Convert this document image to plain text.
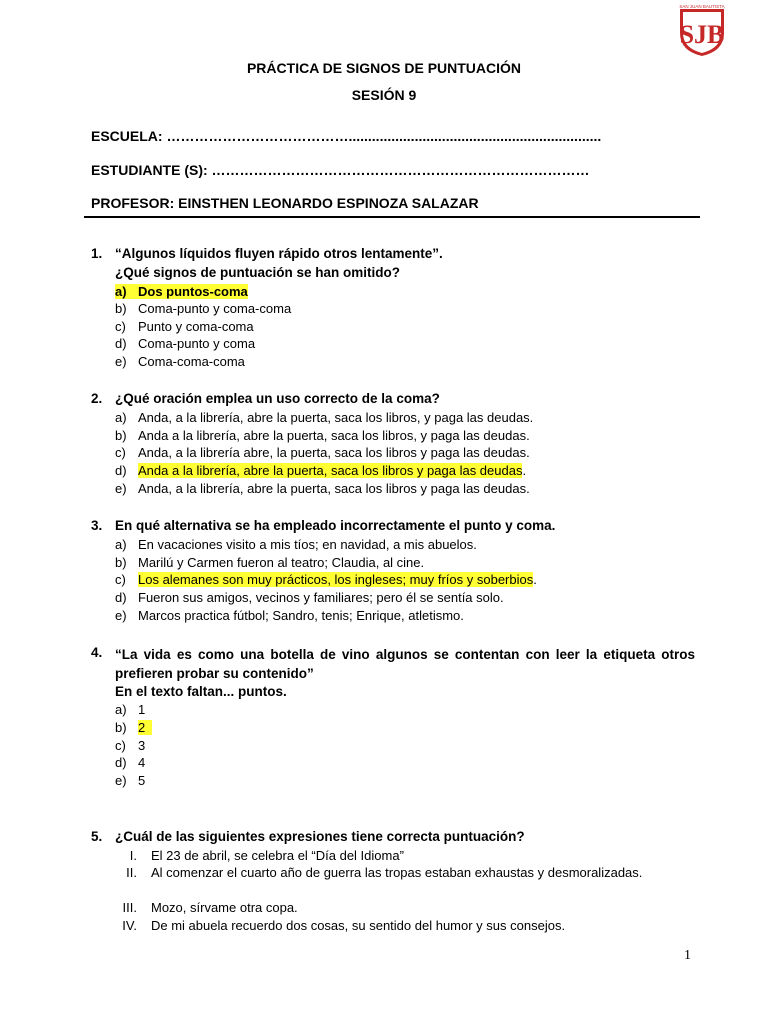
SJB
SAN JUAN BAUTISTA
PRÁCTICA DE SIGNOS DE PUNTUACIÓN
SESIÓN 9
ESCUELA: ………………………………….................................................................
ESTUDIANTE (S): ………………………………………………………………………
PROFESOR: EINSTHEN LEONARDO ESPINOZA SALAZAR
1. “Algunos líquidos fluyen rápido otros lentamente”.
¿Qué signos de puntuación se han omitido?
a) Dos puntos-coma
b) Coma-punto y coma-coma
c) Punto y coma-coma
d) Coma-punto y coma
e) Coma-coma-coma
2. ¿Qué oración emplea un uso correcto de la coma?
a) Anda, a la librería, abre la puerta, saca los libros, y paga las deudas.
b) Anda a la librería, abre la puerta, saca los libros, y paga las deudas.
c) Anda, a la librería abre, la puerta, saca los libros y paga las deudas.
d) Anda a la librería, abre la puerta, saca los libros y paga las deudas.
e) Anda, a la librería, abre la puerta, saca los libros y paga las deudas.
3. En qué alternativa se ha empleado incorrectamente el punto y coma.
a) En vacaciones visito a mis tíos; en navidad, a mis abuelos.
b) Marilú y Carmen fueron al teatro; Claudia, al cine.
c) Los alemanes son muy prácticos, los ingleses; muy fríos y soberbios.
d) Fueron sus amigos, vecinos y familiares; pero él se sentía solo.
e) Marcos practica fútbol; Sandro, tenis; Enrique, atletismo.
4. “La vida es como una botella de vino algunos se contentan con leer la etiqueta otros prefieren probar su contenido”
En el texto faltan... puntos.
a) 1
b) 2
c) 3
d) 4
e) 5
5. ¿Cuál de las siguientes expresiones tiene correcta puntuación?
I. El 23 de abril, se celebra el “Día del Idioma”
II. Al comenzar el cuarto año de guerra las tropas estaban exhaustas y desmoralizadas.
III. Mozo, sírvame otra copa.
IV. De mi abuela recuerdo dos cosas, su sentido del humor y sus consejos.
1
